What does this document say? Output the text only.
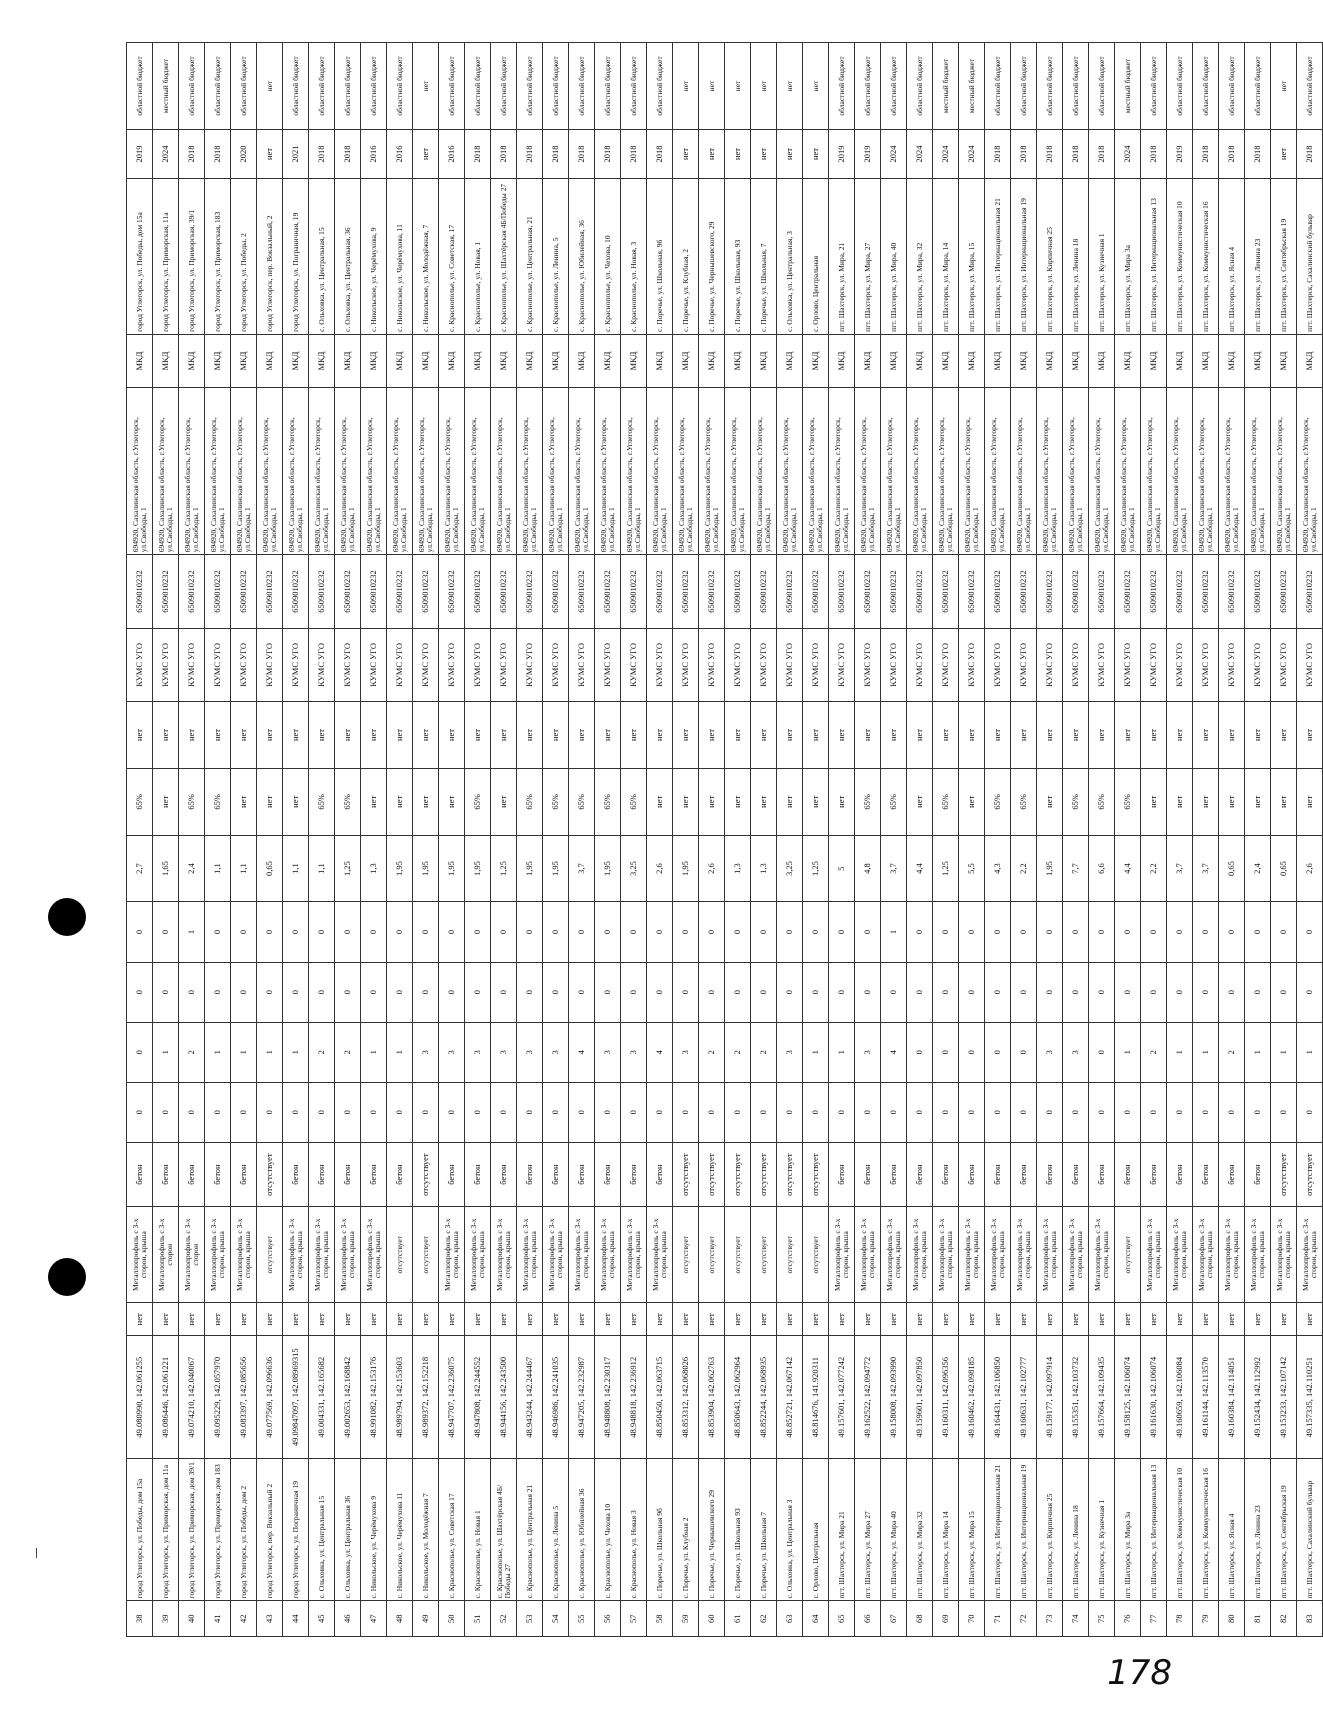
38	город Углегорск, ул. Победы, дом 15а	49.080990, 142.061255	нет	Металлопрофиль с 3-х сторон, крыша	бетон	0	0	0	0	2,7	65%	нет	КУМС УГО	6509010232	694920, Сахалинская область, г.Углегорск, ул.Свободы, 1	МКД	город Углегорск, ул. Победы, дом 15а	2019	областной бюджет
39	город Углегорск, ул. Приморская, дом 11а	49.086446, 142.061221	нет	Металлопрофиль с 3-х сторон	бетон	0	1	0	0	1,65	нет	нет	КУМС УГО	6509010232	694920, Сахалинская область, г.Углегорск, ул.Свободы, 1	МКД	город Углегорск, ул. Приморская, 11а	2024	местный бюджет
40	город Углегорск, ул. Приморская, дом 39/1	49.074210, 142.040067	нет	Металлопрофиль с 3-х сторон	бетон	0	2	0	1	2,4	65%	нет	КУМС УГО	6509010232	694920, Сахалинская область, г.Углегорск, ул.Свободы, 1	МКД	город Углегорск, ул. Приморская, 39/1	2018	областной бюджет
41	город Углегорск, ул. Приморская, дом 183	49.095229, 142.057970	нет	Металлопрофиль с 3-х сторон, крыша	бетон	0	1	0	0	1,1	65%	нет	КУМС УГО	6509010232	694920, Сахалинская область, г.Углегорск, ул.Свободы, 1	МКД	город Углегорск, ул. Приморская, 183	2018	областной бюджет
42	город Углегорск, ул. Победы, дом 2	49.083397, 142.085656	нет	Металлопрофиль с 3-х сторон, крыша	бетон	0	1	0	0	1,1	нет	нет	КУМС УГО	6509010232	694920, Сахалинская область, г.Углегорск, ул.Свободы, 1	МКД	город Углегорск, ул. Победы, 2	2020	областной бюджет
43	город Углегорск, пер. Вокзальный 2	49.077569, 142.096636	нет	отсутствует	отсутствует	0	1	0	0	0,65	нет	нет	КУМС УГО	6509010232	694920, Сахалинская область, г.Углегорск, ул.Свободы, 1	МКД	город Углегорск, пер. Вокзальный, 2	нет	нет
44	город Углегорск, ул. Пограничная 19	49.09847097, 142.08969315	нет	Металлопрофиль с 3-х сторон, крыша	бетон	0	1	0	0	1,1	нет	нет	КУМС УГО	6509010232	694920, Сахалинская область, г.Углегорск, ул.Свободы, 1	МКД	город Углегорск, ул. Пограничная, 19	2021	областной бюджет
45	с. Ольховка, ул. Центральная 15	49.004331, 142.165682	нет	Металлопрофиль с 3-х сторон, крыша	бетон	0	2	0	0	1,1	65%	нет	КУМС УГО	6509010232	694920, Сахалинская область, г.Углегорск, ул.Свободы, 1	МКД	с. Ольховка, ул. Центральная, 15	2018	областной бюджет
46	с. Ольховка, ул. Центральная 36	49.002653, 142.168842	нет	Металлопрофиль с 3-х сторон, крыша	бетон	0	2	0	0	1,25	65%	нет	КУМС УГО	6509010232	694920, Сахалинская область, г.Углегорск, ул.Свободы, 1	МКД	с. Ольховка, ул. Центральная, 36	2018	областной бюджет
47	с. Никольское, ул. Черёмухова 9	48.991082, 142.153176	нет	Металлопрофиль с 3-х сторон, крыша	бетон	0	1	0	0	1,3	нет	нет	КУМС УГО	6509010232	694920, Сахалинская область, г.Углегорск, ул.Свободы, 1	МКД	с. Никольское, ул. Черёмухова, 9	2016	областной бюджет
48	с. Никольское, ул. Черёмухова 11	48.989794, 142.153603	нет	отсутствует	бетон	0	1	0	0	1,95	нет	нет	КУМС УГО	6509010232	694920, Сахалинская область, г.Углегорск, ул.Свободы, 1	МКД	с. Никольское, ул. Черёмухова, 11	2016	областной бюджет
49	с. Никольское, ул. Молодёжная 7	48.989372, 142.152218	нет	отсутствует	отсутствует	0	3	0	0	1,95	нет	нет	КУМС УГО	6509010232	694920, Сахалинская область, г.Углегорск, ул.Свободы, 1	МКД	с. Никольское, ул. Молодёжная, 7	нет	нет
50	с. Краснополье, ул. Советская 17	48.947707, 142.236075	нет	Металлопрофиль с 3-х сторон, крыша	бетон	0	3	0	0	1,95	нет	нет	КУМС УГО	6509010232	694920, Сахалинская область, г.Углегорск, ул.Свободы, 1	МКД	с. Краснополье, ул. Советская, 17	2016	областной бюджет
51	с. Краснополье, ул. Новая 1	48.947808, 142.244552	нет	Металлопрофиль с 3-х сторон, крыша	бетон	0	3	0	0	1,95	65%	нет	КУМС УГО	6509010232	694920, Сахалинская область, г.Углегорск, ул.Свободы, 1	МКД	с. Краснополье, ул. Новая, 1	2018	областной бюджет
52	с. Краснополье, ул. Шахтёрская 4Б/Победы 27	48.944156, 142.243500	нет	Металлопрофиль с 3-х сторон, крыша	бетон	0	3	0	0	1,25	нет	нет	КУМС УГО	6509010232	694920, Сахалинская область, г.Углегорск, ул.Свободы, 1	МКД	с. Краснополье, ул. Шахтёрская 4Б/Победы 27	2018	областной бюджет
53	с. Краснополье, ул. Центральная 21	48.943244, 142.244467	нет	Металлопрофиль с 3-х сторон, крыша	бетон	0	3	0	0	1,95	65%	нет	КУМС УГО	6509010232	694920, Сахалинская область, г.Углегорск, ул.Свободы, 1	МКД	с. Краснополье, ул. Центральная, 21	2018	областной бюджет
54	с. Краснополье, ул. Ленина 5	48.946986, 142.241035	нет	Металлопрофиль с 3-х сторон, крыша	бетон	0	3	0	0	1,95	65%	нет	КУМС УГО	6509010232	694920, Сахалинская область, г.Углегорск, ул.Свободы, 1	МКД	с. Краснополье, ул. Ленина, 5	2018	областной бюджет
55	с. Краснополье, ул. Юбилейная 36	48.947205, 142.232987	нет	Металлопрофиль с 3-х сторон, крыша	бетон	0	4	0	0	3,7	65%	нет	КУМС УГО	6509010232	694920, Сахалинская область, г.Углегорск, ул.Свободы, 1	МКД	с. Краснополье, ул. Юбилейная, 36	2018	областной бюджет
56	с. Краснополье, ул. Чехова 10	48.948808, 142.230317	нет	Металлопрофиль с 3-х сторон, крыша	бетон	0	3	0	0	1,95	65%	нет	КУМС УГО	6509010232	694920, Сахалинская область, г.Углегорск, ул.Свободы, 1	МКД	с. Краснополье, ул. Чехова, 10	2018	областной бюджет
57	с. Краснополье, ул. Новая 3	48.948818, 142.236912	нет	Металлопрофиль с 3-х сторон, крыша	бетон	0	3	0	0	3,25	65%	нет	КУМС УГО	6509010232	694920, Сахалинская область, г.Углегорск, ул.Свободы, 1	МКД	с. Краснополье, ул. Новая, 3	2018	областной бюджет
58	с. Поречье, ул. Школьная 9б	48.850450, 142.063715	нет	Металлопрофиль с 3-х сторон, крыша	бетон	0	4	0	0	2,6	нет	нет	КУМС УГО	6509010232	694920, Сахалинская область, г.Углегорск, ул.Свободы, 1	МКД	с. Поречье, ул. Школьная, 9б	2018	областной бюджет
59	с. Поречье, ул. Клубная 2	48.853312, 142.068026	нет	отсутствует	отсутствует	0	3	0	0	1,95	нет	нет	КУМС УГО	6509010232	694920, Сахалинская область, г.Углегорск, ул.Свободы, 1	МКД	с. Поречье, ул. Клубная, 2	нет	нет
60	с. Поречье, ул. Чернышевского 29	48.853904, 142.062763	нет	отсутствует	отсутствует	0	2	0	0	2,6	нет	нет	КУМС УГО	6509010232	694920, Сахалинская область, г.Углегорск, ул.Свободы, 1	МКД	с. Поречье, ул. Чернышевского, 29	нет	нет
61	с. Поречье, ул. Школьная 93	48.850643, 142.062964	нет	отсутствует	отсутствует	0	2	0	0	1,3	нет	нет	КУМС УГО	6509010232	694920, Сахалинская область, г.Углегорск, ул.Свободы, 1	МКД	с. Поречье, ул. Школьная, 93	нет	нет
62	с. Поречье, ул. Школьная 7	48.852244, 142.068935	нет	отсутствует	отсутствует	0	2	0	0	1,3	нет	нет	КУМС УГО	6509010232	694920, Сахалинская область, г.Углегорск, ул.Свободы, 1	МКД	с. Поречье, ул. Школьная, 7	нет	нет
63	с. Ольховка, ул. Центральная 3	48.852721, 142.067142	нет	отсутствует	отсутствует	0	3	0	0	3,25	нет	нет	КУМС УГО	6509010232	694920, Сахалинская область, г.Углегорск, ул.Свободы, 1	МКД	с. Ольховка, ул. Центральная, 3	нет	нет
64	с. Орлово, Центральная	48.814676, 141.920311	нет	отсутствует	отсутствует	0	1	0	0	1,25	нет	нет	КУМС УГО	6509010232	694920, Сахалинская область, г.Углегорск, ул.Свободы, 1	МКД	с. Орлово, Центральная	нет	нет
65	пгт. Шахтерск, ул. Мира 21	49.157601, 142.077242	нет	Металлопрофиль с 3-х сторон, крыша	бетон	0	1	0	0	5	нет	нет	КУМС УГО	6509010232	694920, Сахалинская область, г.Углегорск, ул.Свободы, 1	МКД	пгт. Шахтерск, ул. Мира, 21	2019	областной бюджет
66	пгт. Шахтерск, ул. Мира 27	49.162522, 142.094772	нет	Металлопрофиль с 3-х сторон, крыша	бетон	0	3	0	0	4,8	65%	нет	КУМС УГО	6509010232	694920, Сахалинская область, г.Углегорск, ул.Свободы, 1	МКД	пгт. Шахтерск, ул. Мира, 27	2019	областной бюджет
67	пгт. Шахтерск, ул. Мира 40	49.158008, 142.093990	нет	Металлопрофиль с 3-х сторон, крыша	бетон	0	4	0	1	3,7	65%	нет	КУМС УГО	6509010232	694920, Сахалинская область, г.Углегорск, ул.Свободы, 1	МКД	пгт. Шахтерск, ул. Мира, 40	2024	областной бюджет
68	пгт. Шахтерск, ул. Мира 32	49.159601, 142.097850	нет	Металлопрофиль с 3-х сторон, крыша	бетон	0	0	0	0	4,4	нет	нет	КУМС УГО	6509010232	694920, Сахалинская область, г.Углегорск, ул.Свободы, 1	МКД	пгт. Шахтерск, ул. Мира, 32	2024	областной бюджет
69	пгт. Шахтерск, ул. Мира 14	49.160311, 142.096356	нет	Металлопрофиль с 3-х сторон, крыша	бетон	0	0	0	0	1,25	65%	нет	КУМС УГО	6509010232	694920, Сахалинская область, г.Углегорск, ул.Свободы, 1	МКД	пгт. Шахтерск, ул. Мира, 14	2024	местный бюджет
70	пгт. Шахтерск, ул. Мира 15	49.160462, 142.098185	нет	Металлопрофиль с 3-х сторон, крыша	бетон	0	0	0	0	5,5	нет	нет	КУМС УГО	6509010232	694920, Сахалинская область, г.Углегорск, ул.Свободы, 1	МКД	пгт. Шахтерск, ул. Мира, 15	2024	местный бюджет
71	пгт. Шахтерск, ул. Интернациональная 21	49.164431, 142.106850	нет	Металлопрофиль с 3-х сторон, крыша	бетон	0	0	0	0	4,3	65%	нет	КУМС УГО	6509010232	694920, Сахалинская область, г.Углегорск, ул.Свободы, 1	МКД	пгт. Шахтерск, ул. Интернациональная 21	2018	областной бюджет
72	пгт. Шахтерск, ул. Интернациональная 19	49.160631, 142.102777	нет	Металлопрофиль с 3-х сторон, крыша	бетон	0	0	0	0	2,2	65%	нет	КУМС УГО	6509010232	694920, Сахалинская область, г.Углегорск, ул.Свободы, 1	МКД	пгт. Шахтерск, ул. Интернациональная 19	2018	областной бюджет
73	пгт. Шахтерск, ул. Кирпичная 25	49.159177, 142.097914	нет	Металлопрофиль с 3-х сторон, крыша	бетон	0	3	0	0	1,95	нет	нет	КУМС УГО	6509010232	694920, Сахалинская область, г.Углегорск, ул.Свободы, 1	МКД	пгт. Шахтерск, ул. Кирпичная 25	2018	областной бюджет
74	пгт. Шахтерск, ул. Ленина 18	49.155351, 142.103732	нет	Металлопрофиль с 3-х сторон, крыша	бетон	0	3	0	0	7,7	65%	нет	КУМС УГО	6509010232	694920, Сахалинская область, г.Углегорск, ул.Свободы, 1	МКД	пгт. Шахтерск, ул. Ленина 18	2018	областной бюджет
75	пгт. Шахтерск, ул. Кузнечная 1	49.157664, 142.109435	нет	Металлопрофиль с 3-х сторон, крыша	бетон	0	0	0	0	6,6	65%	нет	КУМС УГО	6509010232	694920, Сахалинская область, г.Углегорск, ул.Свободы, 1	МКД	пгт. Шахтерск, ул. Кузнечная 1	2018	областной бюджет
76	пгт. Шахтерск, ул. Мира 3а	49.158125, 142.106074	нет	отсутствует	бетон	0	1	0	0	4,4	65%	нет	КУМС УГО	6509010232	694920, Сахалинская область, г.Углегорск, ул.Свободы, 1	МКД	пгт. Шахтерск, ул. Мира 3а	2024	местный бюджет
77	пгт. Шахтерск, ул. Интернациональная 13	49.161630, 142.106074	нет	Металлопрофиль с 3-х сторон, крыша	бетон	0	2	0	0	2,2	нет	нет	КУМС УГО	6509010232	694920, Сахалинская область, г.Углегорск, ул.Свободы, 1	МКД	пгт. Шахтерск, ул. Интернациональная 13	2018	областной бюджет
78	пгт. Шахтерск, ул. Коммунистическая 10	49.160659, 142.106084	нет	Металлопрофиль с 3-х сторон, крыша	бетон	0	1	0	0	3,7	нет	нет	КУМС УГО	6509010232	694920, Сахалинская область, г.Углегорск, ул.Свободы, 1	МКД	пгт. Шахтерск, ул. Коммунистическая 10	2019	областной бюджет
79	пгт. Шахтерск, ул. Коммунистическая 16	49.161144, 142.113570	нет	Металлопрофиль с 3-х сторон, крыша	бетон	0	1	0	0	3,7	нет	нет	КУМС УГО	6509010232	694920, Сахалинская область, г.Углегорск, ул.Свободы, 1	МКД	пгт. Шахтерск, ул. Коммунистическая 16	2018	областной бюджет
80	пгт. Шахтерск, ул. Ясная 4	49.160384, 142.114051	нет	Металлопрофиль с 3-х сторон, крыша	бетон	0	2	0	0	0,65	нет	нет	КУМС УГО	6509010232	694920, Сахалинская область, г.Углегорск, ул.Свободы, 1	МКД	пгт. Шахтерск, ул. Ясная 4	2018	областной бюджет
81	пгт. Шахтерск, ул. Ленина 23	49.152434, 142.112992	нет	Металлопрофиль с 3-х сторон, крыша	бетон	0	1	0	0	2,4	нет	нет	КУМС УГО	6509010232	694920, Сахалинская область, г.Углегорск, ул.Свободы, 1	МКД	пгт. Шахтерск, ул. Ленина 23	2018	областной бюджет
82	пгт. Шахтерск, ул. Сентябрьская 19	49.153233, 142.107142	нет	Металлопрофиль с 3-х сторон, крыша	отсутствует	0	1	0	0	0,65	нет	нет	КУМС УГО	6509010232	694920, Сахалинская область, г.Углегорск, ул.Свободы, 1	МКД	пгт. Шахтерск, ул. Сентябрьская 19	нет	нет
83	пгт. Шахтерск, Сахалинский бульвар	49.157335, 142.110251	нет	Металлопрофиль с 3-х сторон, крыша	отсутствует	0	1	0	0	2,6	нет	нет	КУМС УГО	6509010232	694920, Сахалинская область, г.Углегорск, ул.Свободы, 1	МКД	пгт. Шахтерск, Сахалинский бульвар	2018	областной бюджет
178
